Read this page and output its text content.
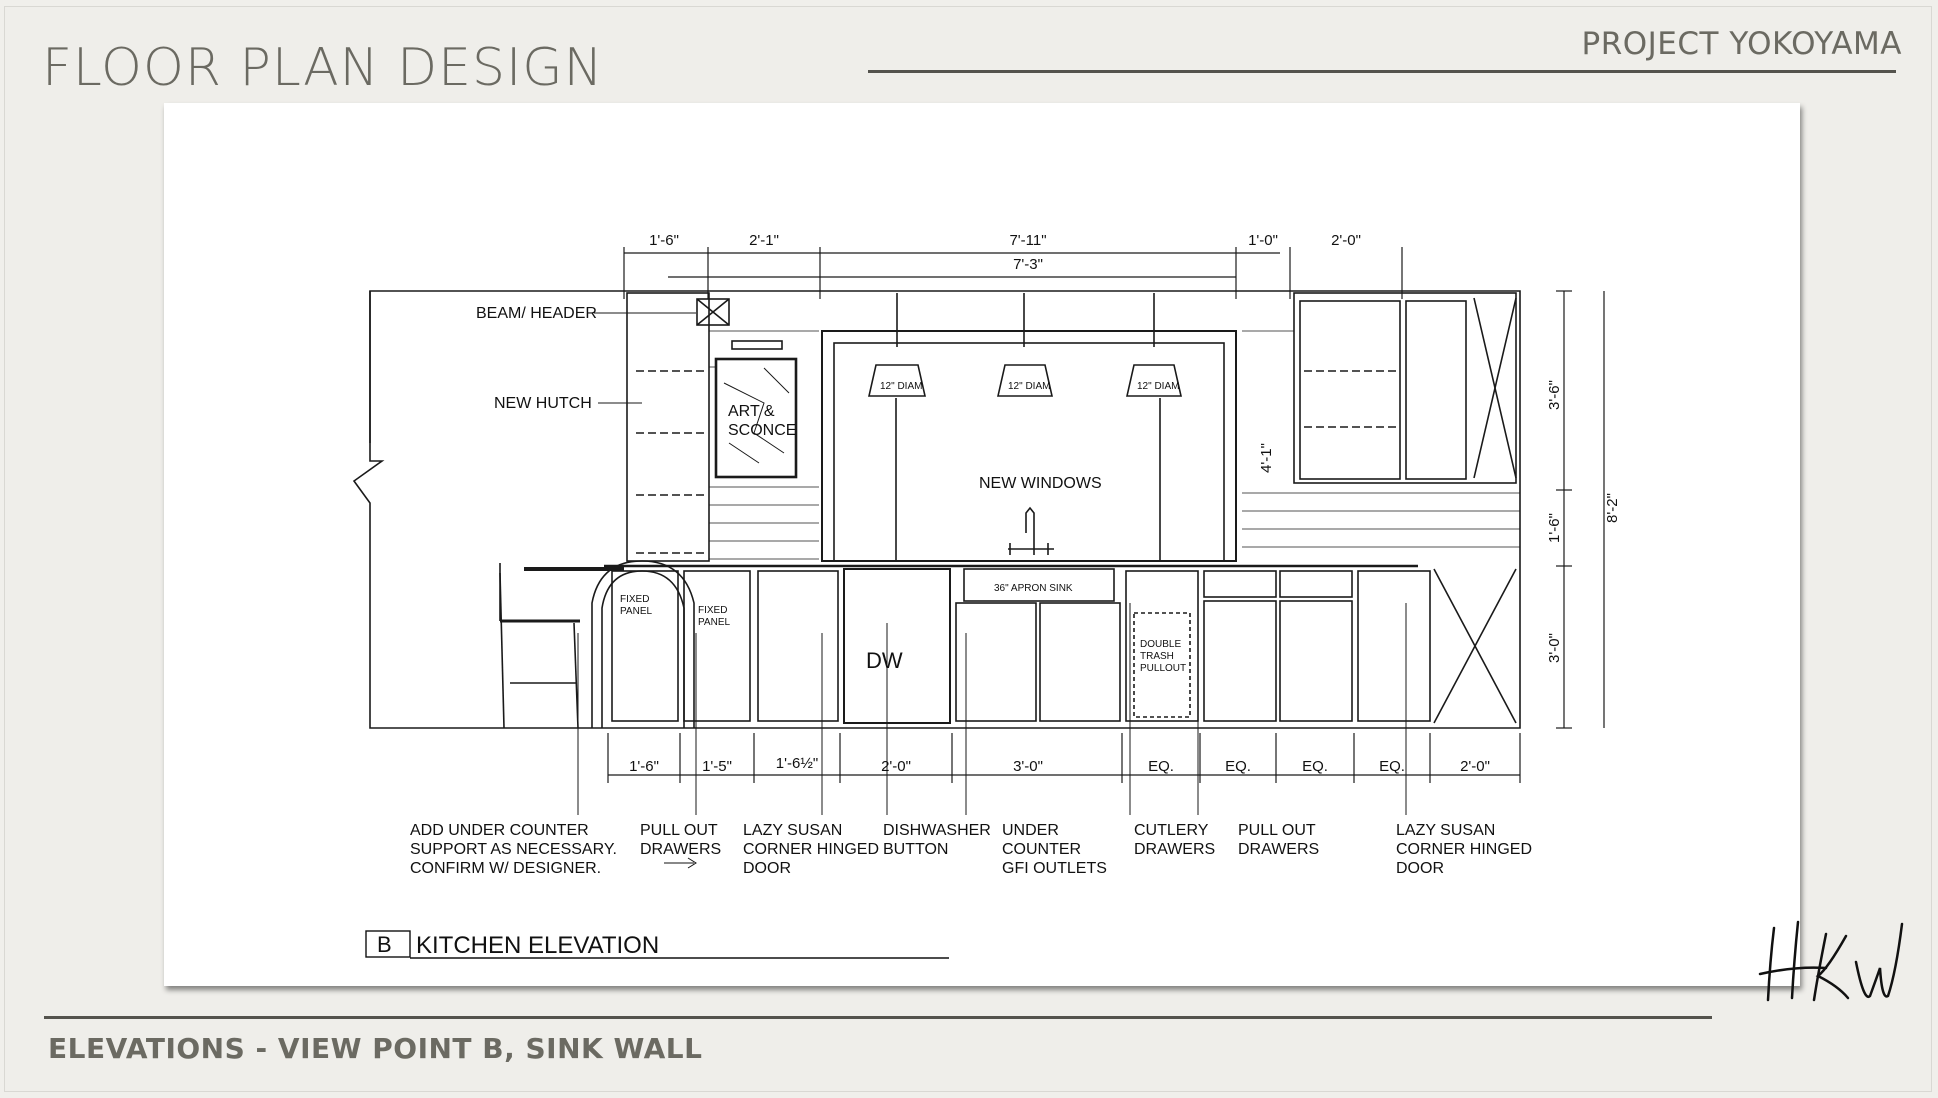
FLOOR PLAN DESIGN	PROJECT YOKOYAMA
1'-6"	2'-1"	7'-11"
7'-3"
1'-0"	2'-0"
3'-6"
1'-6"
3'-0"
8'-2"
4'-1"
1'-6"	1'-5"	1'-6½"	2'-0"	3'-0"	EQ.	EQ.	EQ.	EQ.	2'-0"
BEAM/ HEADER
NEW HUTCH	ART &
SCONCE
NEW WINDOWS
36" APRON SINK
DW
FIXED
PANEL	FIXED
PANEL
DOUBLE
TRASH
PULLOUT
12" DIAM	12" DIAM	12" DIAM
ADD UNDER COUNTER
SUPPORT AS NECESSARY.
CONFIRM W/ DESIGNER.
PULL OUT
DRAWERS
LAZY SUSAN
CORNER HINGED
DOOR
DISHWASHER
BUTTON
UNDER
COUNTER
GFI OUTLETS
CUTLERY
DRAWERS
PULL OUT
DRAWERS
LAZY SUSAN
CORNER HINGED
DOOR
B KITCHEN ELEVATION
ELEVATIONS - VIEW POINT B, SINK WALL
